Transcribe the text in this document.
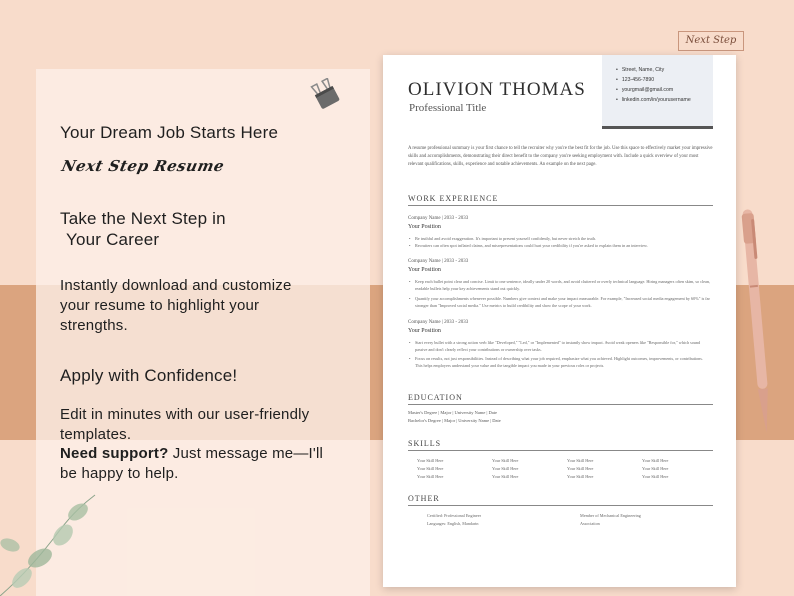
Your Dream Job Starts Here
Next Step Resume
Take the Next Step in
Your Career
Instantly download and customize
your resume to highlight your
strengths.
Apply with Confidence!
Edit in minutes with our user-friendly
templates.
Need support? Just message me—I'll
be happy to help.
Next Step
OLIVION THOMAS
Professional Title
• Street, Name, City
• 123-456-7890
• yourgmail@gmail.com
• linkedin.com/in/yourusername
A resume professional summary is your first chance to tell the recruiter why you're the best fit for the job. Use this space to effectively market your impressive skills and accomplishments, demonstrating their direct benefit to the company you're seeking employment with. Include a quick overview of your most relevant qualifications, skills, experience and notable achievements. An example on the next page.
WORK EXPERIENCE
Company Name | 2033 - 2033
Your Position
• Be truthful and avoid exaggeration. It's important to present yourself confidently, but never stretch the truth.
• Recruiters can often spot inflated claims, and misrepresentations could hurt your credibility if you're asked to explain them in an interview.
Company Name | 2033 - 2033
Your Position
• Keep each bullet point clear and concise. Limit to one sentence, ideally under 20 words, and avoid cluttered or overly technical language. Hiring managers often skim, so clean, readable bullets help your key achievements stand out quickly.
• Quantify your accomplishments whenever possible. Numbers give context and make your impact measurable. For example, "Increased social media engagement by 60%" is far stronger than "Improved social media." Use metrics to build credibility and show the scope of your work.
Company Name | 2033 - 2033
Your Position
• Start every bullet with a strong action verb like "Developed," "Led," or "Implemented" to instantly show impact. Avoid weak openers like "Responsible for," which sound passive and don't clearly reflect your contributions or ownership over tasks.
• Focus on results, not just responsibilities. Instead of describing what your job required, emphasize what you achieved. Highlight outcomes, improvements, or contributions. This helps employers understand your value and the tangible impact you made in your previous roles or projects.
EDUCATION
Master's Degree | Major | University Name | Date
Bachelor's Degree | Major | University Name | Date
SKILLS
Your Skill Here	Your Skill Here	Your Skill Here	Your Skill Here
Your Skill Here	Your Skill Here	Your Skill Here	Your Skill Here
Your Skill Here	Your Skill Here	Your Skill Here	Your Skill Here
OTHER
Certified: Professional Engineer
Languages: English, Mandarin
Member of Mechanical Engineering
Association
